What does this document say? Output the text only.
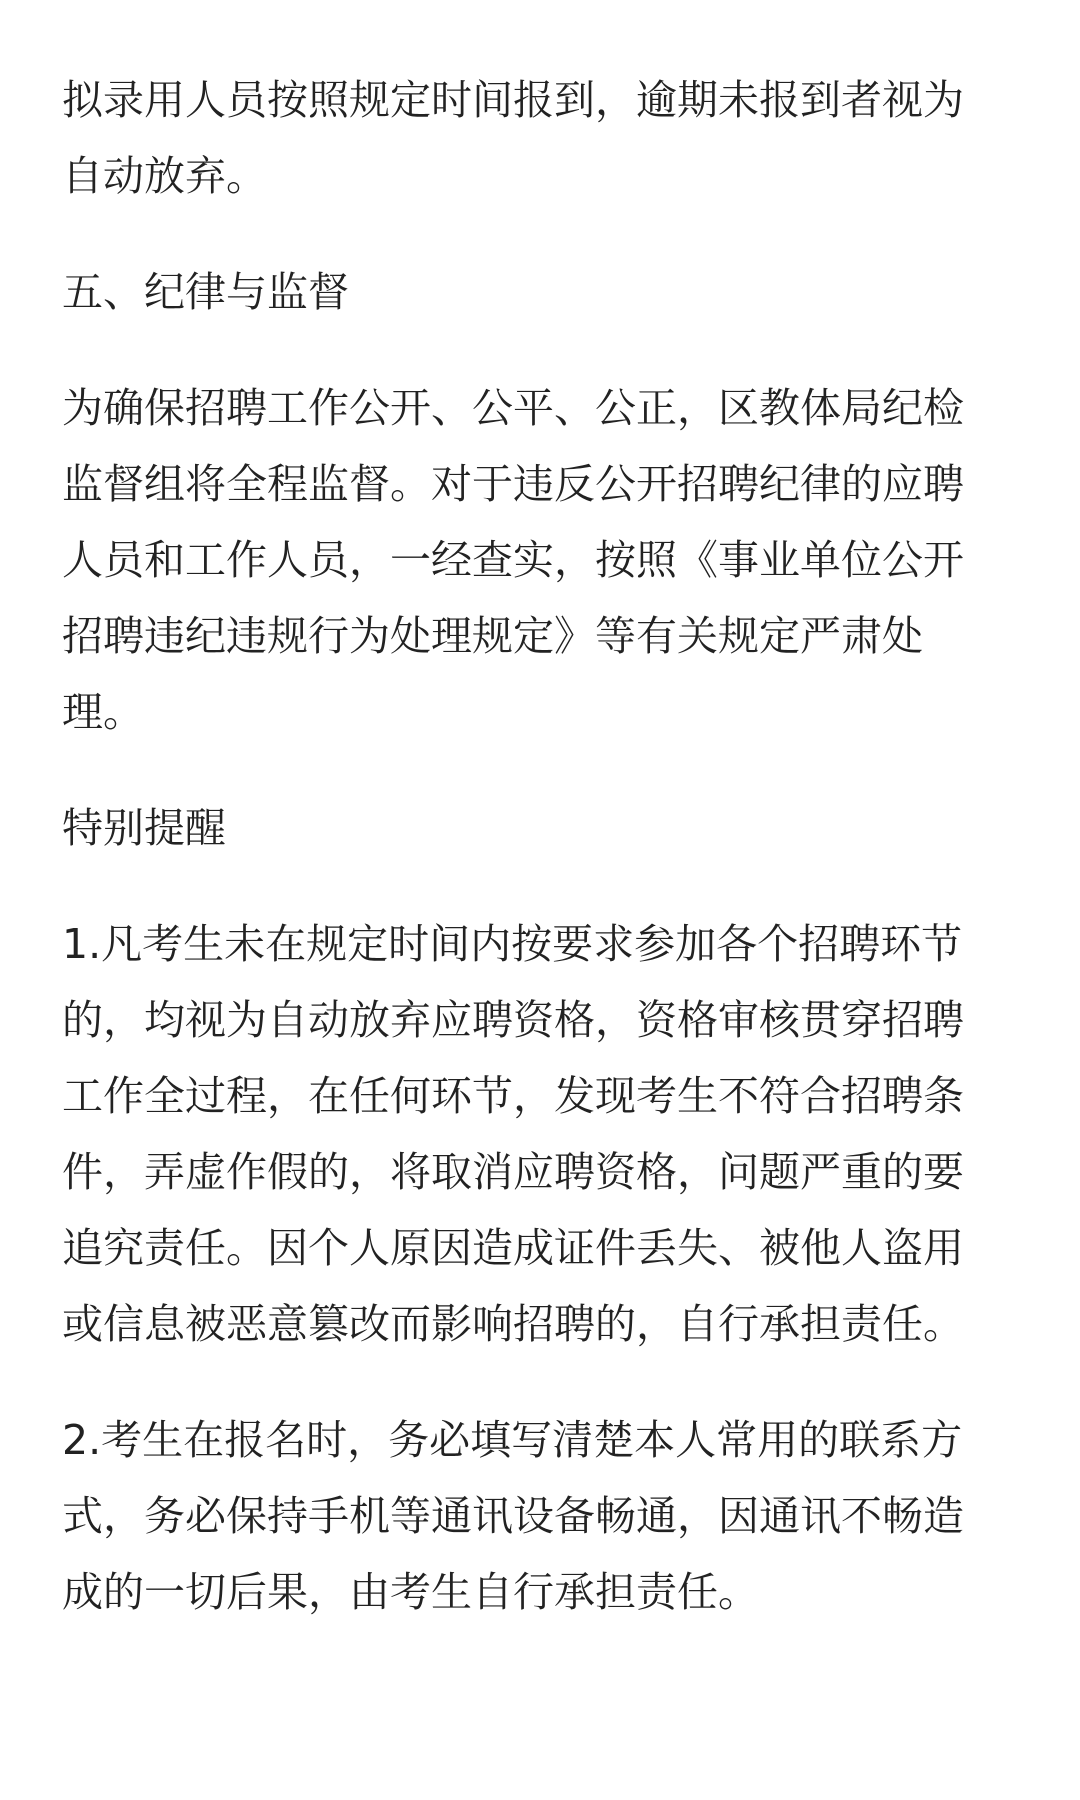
拟录用人员按照规定时间报到，逾期未报到者视为
自动放弃。

五、纪律与监督

为确保招聘工作公开、公平、公正，区教体局纪检
监督组将全程监督。对于违反公开招聘纪律的应聘
人员和工作人员，一经查实，按照《事业单位公开
招聘违纪违规行为处理规定》等有关规定严肃处
理。

特别提醒

1.凡考生未在规定时间内按要求参加各个招聘环节
的，均视为自动放弃应聘资格，资格审核贯穿招聘
工作全过程，在任何环节，发现考生不符合招聘条
件，弄虚作假的，将取消应聘资格，问题严重的要
追究责任。因个人原因造成证件丢失、被他人盗用
或信息被恶意篡改而影响招聘的，自行承担责任。

2.考生在报名时，务必填写清楚本人常用的联系方
式，务必保持手机等通讯设备畅通，因通讯不畅造
成的一切后果，由考生自行承担责任。
